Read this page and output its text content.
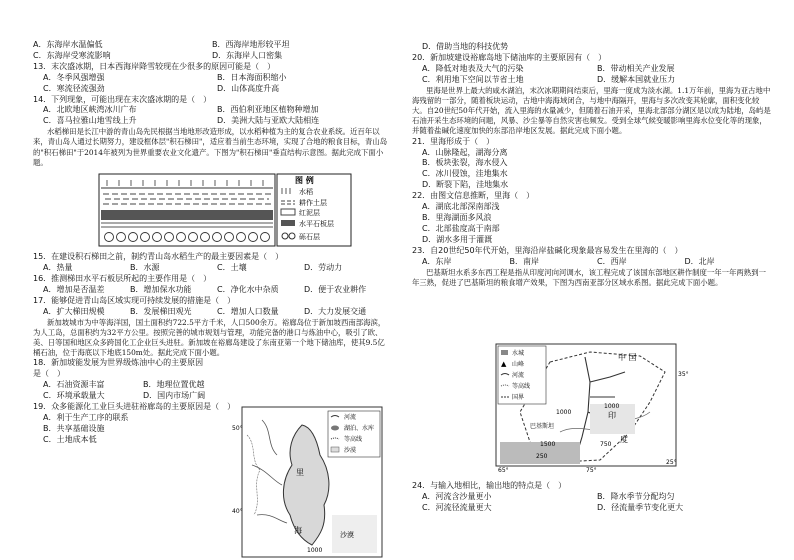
A．东海岸水温偏低	B．西海岸地形较平坦
C．东海岸受寒流影响	D．东海岸人口密集
13．末次盛冰期，日本西海岸降雪较现在少很多的原因可能是（　）
A．冬季风强增强	B．日本海面积缩小
C．寒流径流强劲	D．山体高度升高
14．下列现象，可能出现在末次盛冰期的是（　）
A．北欧地区峡湾冰川广布	B．西伯利亚地区植物种增加
C．喜马拉雅山地雪线上升	D．美洲大陆与亚欧大陆相连
水稻梯田是长江中游的青山岛先民根据当地地形改造形成，以水稻种植为主的复合农业系统。近百年以来，青山岛人通过长期努力，建设框体层"积石梯田"，适应着当前生态环境，实现了合地的粮食目标，青山岛的"积石梯田"于2014年被列为世界重要农业文化遗产。下图为"积石梯田"垂直结构示意图。据此完成下面小题。
图 例
水稻
耕作土层
红泥层
水平石板层
砾石层
15．在建设积石梯田之前，制约青山岛水稻生产的最主要因素是（　）
A．热量	B．水源	C．土壤	D．劳动力
16．推测梯田水平石板层所起的主要作用是（　）
A．增加是否温差	B．增加保水功能	C．净化水中杂质	D．便于农业耕作
17．能够促进青山岛区域实现可持续发展的措施是（　）
A．扩大梯田规模	B．发展梯田观光	C．增加人口数量	D．大力发展交通
新加坡城市为中等海洋国，国土面积约722.5平方千米，人口500余万。裕廊岛位于新加坡西南部海滨，为人工岛，总面积约为32平方公里。按照完善的城市规划与管理，功能完备的港口与炼油中心，吸引了欧、美、日等国和地区众多跨国化工企业巨头进驻。新加坡在裕廊岛建设了东南亚第一个地下储油库，使其9.5亿桶石油，位于海底以下地底150m处。据此完成下面小题。
18．新加坡能发展为世界级炼油中心的主要原因
是（　）
A．石油资源丰富	B．地理位置优越
C．环境承载量大	D．国内市场广阔
19．众多能源化工业巨头进驻裕廊岛的主要原因是（　）
A．利于生产工序的联系
B．共享基础设施
C．土地成本低
里
海	沙漠
1000
50°
40°
河流
湖泊、水库
等高线
沙漠
D．借助当地的科技优势
20．新加坡建设裕廊岛地下储油库的主要原因有（　）
A．降低对地表及大气的污染	B．带动相关产业发展
C．利用地下空间以节省土地	D．缓解本国就业压力
里海是世界上最大的咸水湖泊，末次冰期期间结束后，里海一度成为淡水湖。1.1万年前，里海为亚古地中海残留的一部分，随着板块运动，古地中海海域闭合，与地中海隔开，里海与多次改变其轮廓，面积变化较大。自20世纪50年代开始，流入里海的水量减少，但随着石油开采，里海北部部分湖区是以成为陆地，岛屿是石油开采生态环境的问题，风暴、沙尘暴等自然灾害也频发。受到全球气候变暖影响里海水位变化等的现象，并随着盐碱化速度加快的东部沿岸地区发展。据此完成下面小题。
21．里海形成于（　）
A．山脉隆起，湖海分离
B．板块张裂，海水侵入
C．冰川侵蚀，洼地集水
D．断裂下陷，洼地集水
22．由图文信息推断，里海（　）
A．湖底北部深南部浅
B．里海湖面多风浪
C．北部盐度高于南部
D．湖水多用于灌溉
23．自20世纪50年代开始，里海沿岸盐碱化现象最容易发生在里海的（　）
A．东岸	B．南岸	C．西岸	D．北岸
巴基斯坦水系多东西工程是指从印度河向河调水，该工程完成了该国东部地区耕作制度一年一年两熟到一年三熟，促进了巴基斯坦的粮食增产效果，下图为西南亚部分区域水系图。据此完成下面小题。
水城
▲ 山峰
河流
等高线
国界
中 国
巴基斯坦
印
度
1000
1000
750
1500
250
65°	75°
35°
25°
24．与输入地相比，输出地的特点是（　）
A．河流含沙量更小	B．降水季节分配均匀
C．河流径流量更大	D．径流量季节变化更大
